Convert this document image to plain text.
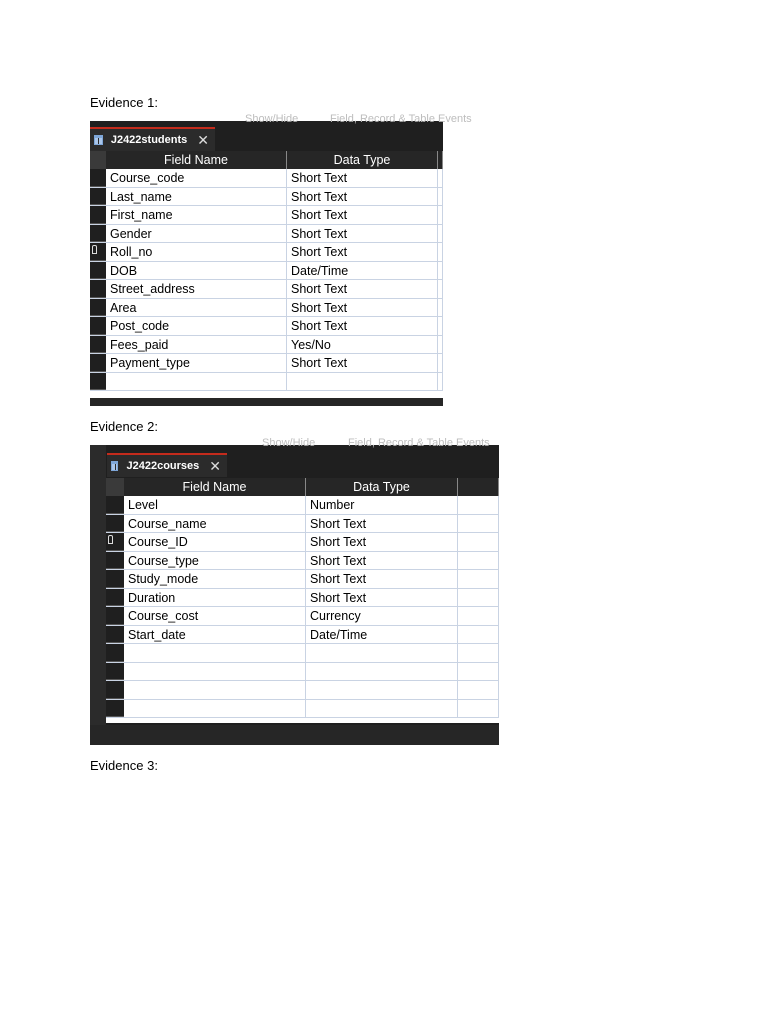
Evidence 1:
Show/Hide	Field, Record & Table Events
J2422students ✕
Field Name	Data Type
Course_code	Short Text
Last_name	Short Text
First_name	Short Text
Gender	Short Text
Roll_no	Short Text
DOB	Date/Time
Street_address	Short Text
Area	Short Text
Post_code	Short Text
Fees_paid	Yes/No
Payment_type	Short Text
Evidence 2:
Show/Hide	Field, Record & Table Events
J2422courses ✕
Field Name	Data Type
Level	Number
Course_name	Short Text
Course_ID	Short Text
Course_type	Short Text
Study_mode	Short Text
Duration	Short Text
Course_cost	Currency
Start_date	Date/Time
Evidence 3:
